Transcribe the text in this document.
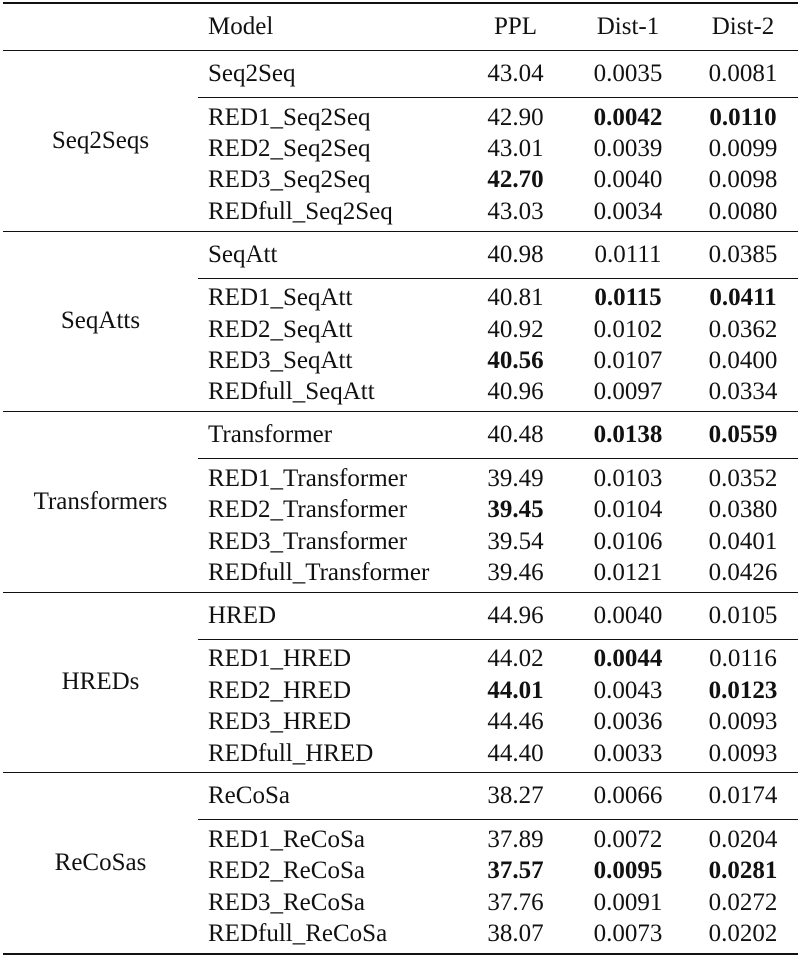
Model	PPL	Dist-1	Dist-2
Seq2Seqs
Seq2Seq	43.04	0.0035	0.0081
RED1_Seq2Seq	42.90	0.0042	0.0110
RED2_Seq2Seq	43.01	0.0039	0.0099
RED3_Seq2Seq	42.70	0.0040	0.0098
REDfull_Seq2Seq	43.03	0.0034	0.0080
SeqAtts
SeqAtt	40.98	0.0111	0.0385
RED1_SeqAtt	40.81	0.0115	0.0411
RED2_SeqAtt	40.92	0.0102	0.0362
RED3_SeqAtt	40.56	0.0107	0.0400
REDfull_SeqAtt	40.96	0.0097	0.0334
Transformers
Transformer	40.48	0.0138	0.0559
RED1_Transformer	39.49	0.0103	0.0352
RED2_Transformer	39.45	0.0104	0.0380
RED3_Transformer	39.54	0.0106	0.0401
REDfull_Transformer	39.46	0.0121	0.0426
HREDs
HRED	44.96	0.0040	0.0105
RED1_HRED	44.02	0.0044	0.0116
RED2_HRED	44.01	0.0043	0.0123
RED3_HRED	44.46	0.0036	0.0093
REDfull_HRED	44.40	0.0033	0.0093
ReCoSas
ReCoSa	38.27	0.0066	0.0174
RED1_ReCoSa	37.89	0.0072	0.0204
RED2_ReCoSa	37.57	0.0095	0.0281
RED3_ReCoSa	37.76	0.0091	0.0272
REDfull_ReCoSa	38.07	0.0073	0.0202
